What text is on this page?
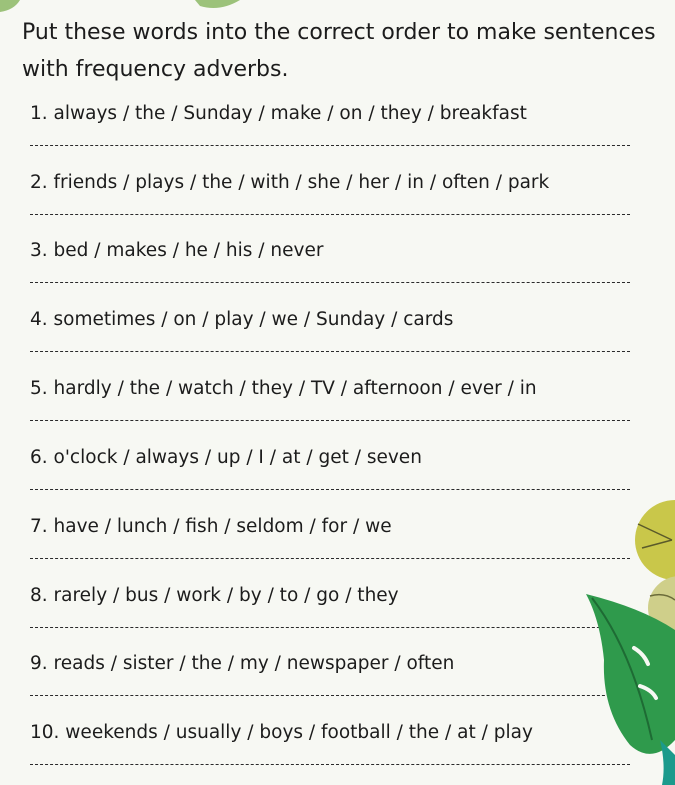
Put these words into the correct order to make sentences with frequency adverbs.

1. always / the / Sunday / make / on / they / breakfast
2. friends / plays / the / with / she / her / in / often / park
3. bed / makes / he / his / never
4. sometimes / on / play / we / Sunday / cards
5. hardly / the / watch / they / TV / afternoon / ever / in
6. o'clock / always / up / I / at / get / seven
7. have / lunch / fish / seldom / for / we
8. rarely / bus / work / by / to / go / they
9. reads / sister / the / my / newspaper / often
10. weekends / usually / boys / football / the / at / play
